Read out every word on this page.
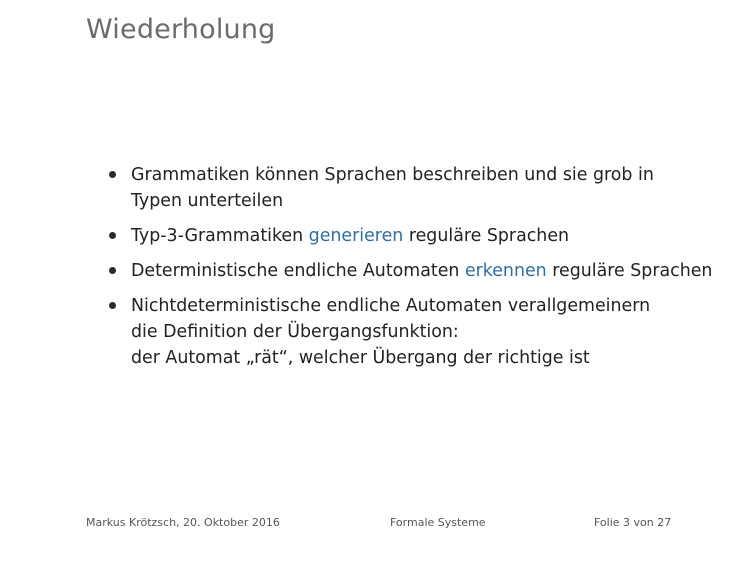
Wiederholung
Grammatiken können Sprachen beschreiben und sie grob in
Typen unterteilen
Typ-3-Grammatiken generieren reguläre Sprachen
Deterministische endliche Automaten erkennen reguläre Sprachen
Nichtdeterministische endliche Automaten verallgemeinern
die Definition der Übergangsfunktion:
der Automat „rät“, welcher Übergang der richtige ist
Markus Krötzsch, 20. Oktober 2016	Formale Systeme	Folie 3 von 27
